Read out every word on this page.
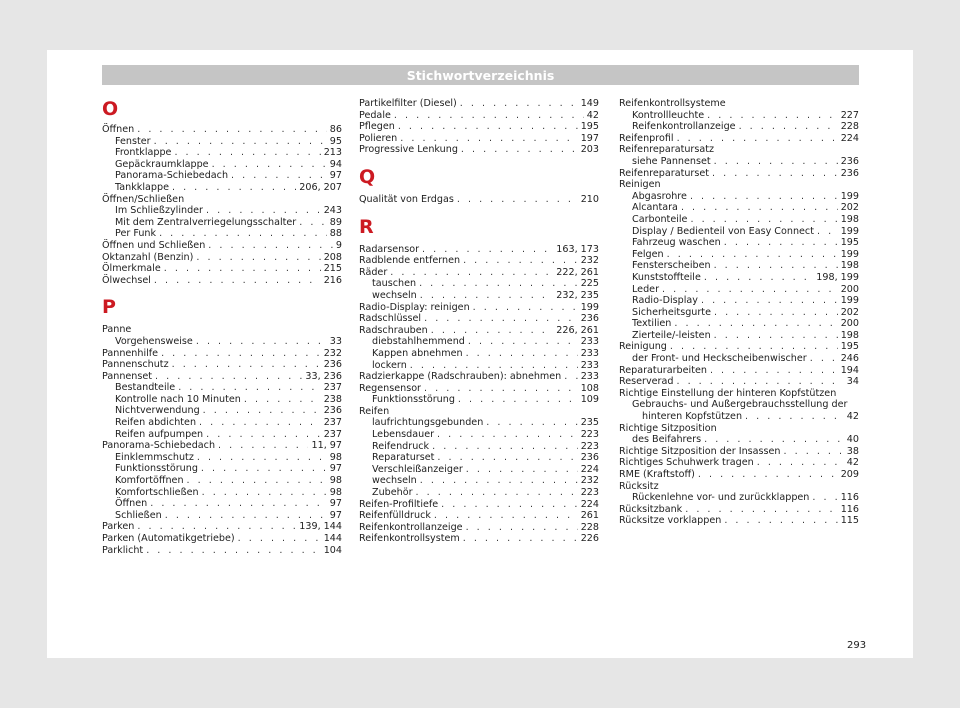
Stichwortverzeichnis
O
Öffnen . . .	86
Fenster . . .	95
Frontklappe . . .	213
Gepäckraumklappe . . .	94
Panorama-Schiebedach . . .	97
Tankklappe . . .	206, 207
Öffnen/Schließen
Im Schließzylinder . . .	243
Mit dem Zentralverriegelungsschalter . . .	89
Per Funk . . .	88
Öffnen und Schließen . . .	9
Oktanzahl (Benzin) . . .	208
Ölmerkmale . . .	215
Ölwechsel . . .	216
P
Panne
Vorgehensweise . . .	33
Pannenhilfe . . .	232
Pannenschutz . . .	236
Pannenset . . .	33, 236
Bestandteile . . .	237
Kontrolle nach 10 Minuten . . .	238
Nichtverwendung . . .	236
Reifen abdichten . . .	237
Reifen aufpumpen . . .	237
Panorama-Schiebedach . . .	11, 97
Einklemmschutz . . .	98
Funktionsstörung . . .	97
Komfortöffnen . . .	98
Komfortschließen . . .	98
Öffnen . . .	97
Schließen . . .	97
Parken . . .	139, 144
Parken (Automatikgetriebe) . . .	144
Parklicht . . .	104
Partikelfilter (Diesel) . . .	149
Pedale . . .	42
Pflegen . . .	195
Polieren . . .	197
Progressive Lenkung . . .	203
Q
Qualität von Erdgas . . .	210
R
Radarsensor . . .	163, 173
Radblende entfernen . . .	232
Räder . . .	222, 261
tauschen . . .	225
wechseln . . .	232, 235
Radio-Display: reinigen . . .	199
Radschlüssel . . .	236
Radschrauben . . .	226, 261
diebstahlhemmend . . .	233
Kappen abnehmen . . .	233
lockern . . .	233
Radzierkappe (Radschrauben): abnehmen . . . 233
Regensensor . . .	108
Funktionsstörung . . .	109
Reifen
laufrichtungsgebunden . . .	235
Lebensdauer . . .	223
Reifendruck . . .	223
Reparaturset . . .	236
Verschleißanzeiger . . .	224
wechseln . . .	232
Zubehör . . .	223
Reifen-Profiltiefe . . .	224
Reifenfülldruck . . .	261
Reifenkontrollanzeige . . .	228
Reifenkontrollsystem . . .	226
Reifenkontrollsysteme
Kontrollleuchte . . .	227
Reifenkontrollanzeige . . .	228
Reifenprofil . . .	224
Reifenreparatursatz
siehe Pannenset . . .	236
Reifenreparaturset . . .	236
Reinigen
Abgasrohre . . .	199
Alcantara . . .	202
Carbonteile . . .	198
Display / Bedienteil von Easy Connect . . .	199
Fahrzeug waschen . . .	195
Felgen . . .	199
Fensterscheiben . . .	198
Kunststoffteile . . .	198, 199
Leder . . .	200
Radio-Display . . .	199
Sicherheitsgurte . . .	202
Textilien . . .	200
Zierteile/-leisten . . .	198
Reinigung . . .	195
der Front- und Heckscheibenwischer . . .	246
Reparaturarbeiten . . .	194
Reserverad . . .	34
Richtige Einstellung der hinteren Kopfstützen
Gebrauchs- und Außergebrauchsstellung der
hinteren Kopfstützen . . .	42
Richtige Sitzposition
des Beifahrers . . .	40
Richtige Sitzposition der Insassen . . .	38
Richtiges Schuhwerk tragen . . .	42
RME (Kraftstoff) . . .	209
Rücksitz
Rückenlehne vor- und zurückklappen . . .	116
Rücksitzbank . . .	116
Rücksitze vorklappen . . .	115
293
